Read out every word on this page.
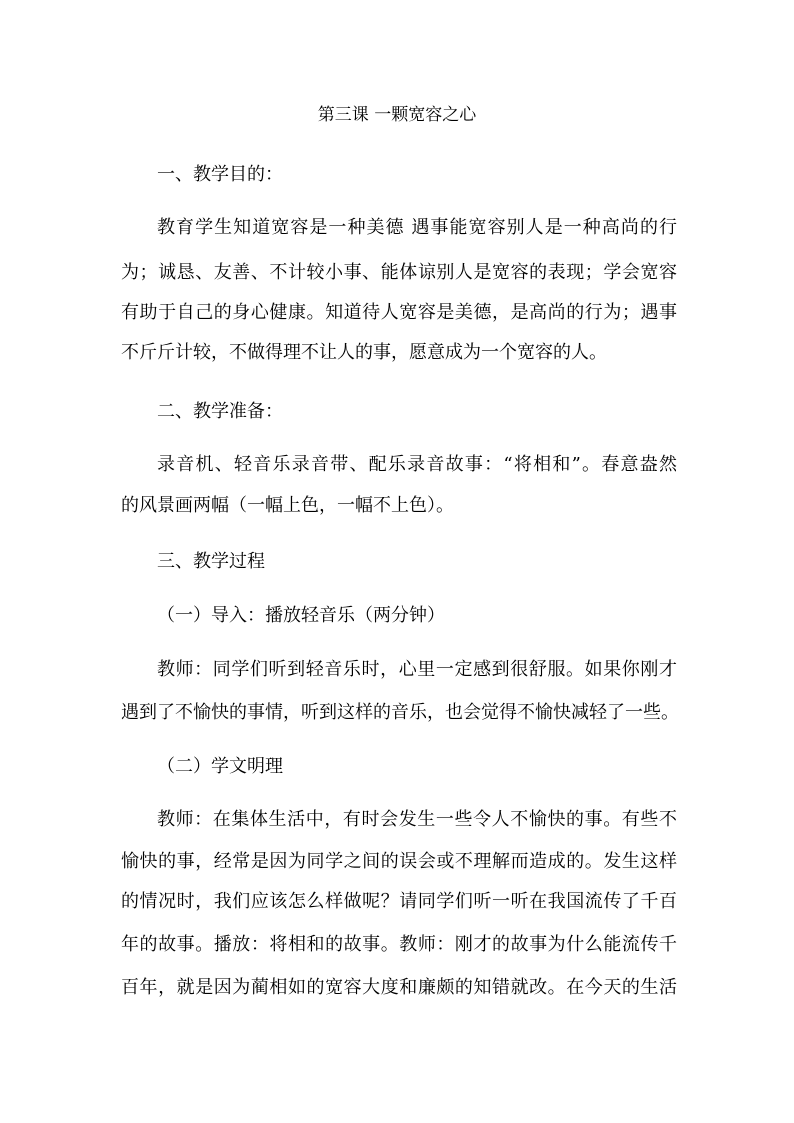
第三课 一颗宽容之心

一、教学目的：

教育学生知道宽容是一种美德 遇事能宽容别人是一种高尚的行

为；诚恳、友善、不计较小事、能体谅别人是宽容的表现；学会宽容

有助于自己的身心健康。知道待人宽容是美德，是高尚的行为；遇事

不斤斤计较，不做得理不让人的事，愿意成为一个宽容的人。

二、教学准备：

录音机、轻音乐录音带、配乐录音故事：“将相和”。春意盎然

的风景画两幅（一幅上色，一幅不上色）。

三、教学过程

（一）导入：播放轻音乐（两分钟）

教师：同学们听到轻音乐时，心里一定感到很舒服。如果你刚才

遇到了不愉快的事情，听到这样的音乐，也会觉得不愉快减轻了一些。

（二）学文明理

教师：在集体生活中，有时会发生一些令人不愉快的事。有些不

愉快的事，经常是因为同学之间的误会或不理解而造成的。发生这样

的情况时，我们应该怎么样做呢？请同学们听一听在我国流传了千百

年的故事。播放：将相和的故事。教师：刚才的故事为什么能流传千

百年，就是因为蔺相如的宽容大度和廉颇的知错就改。在今天的生活
